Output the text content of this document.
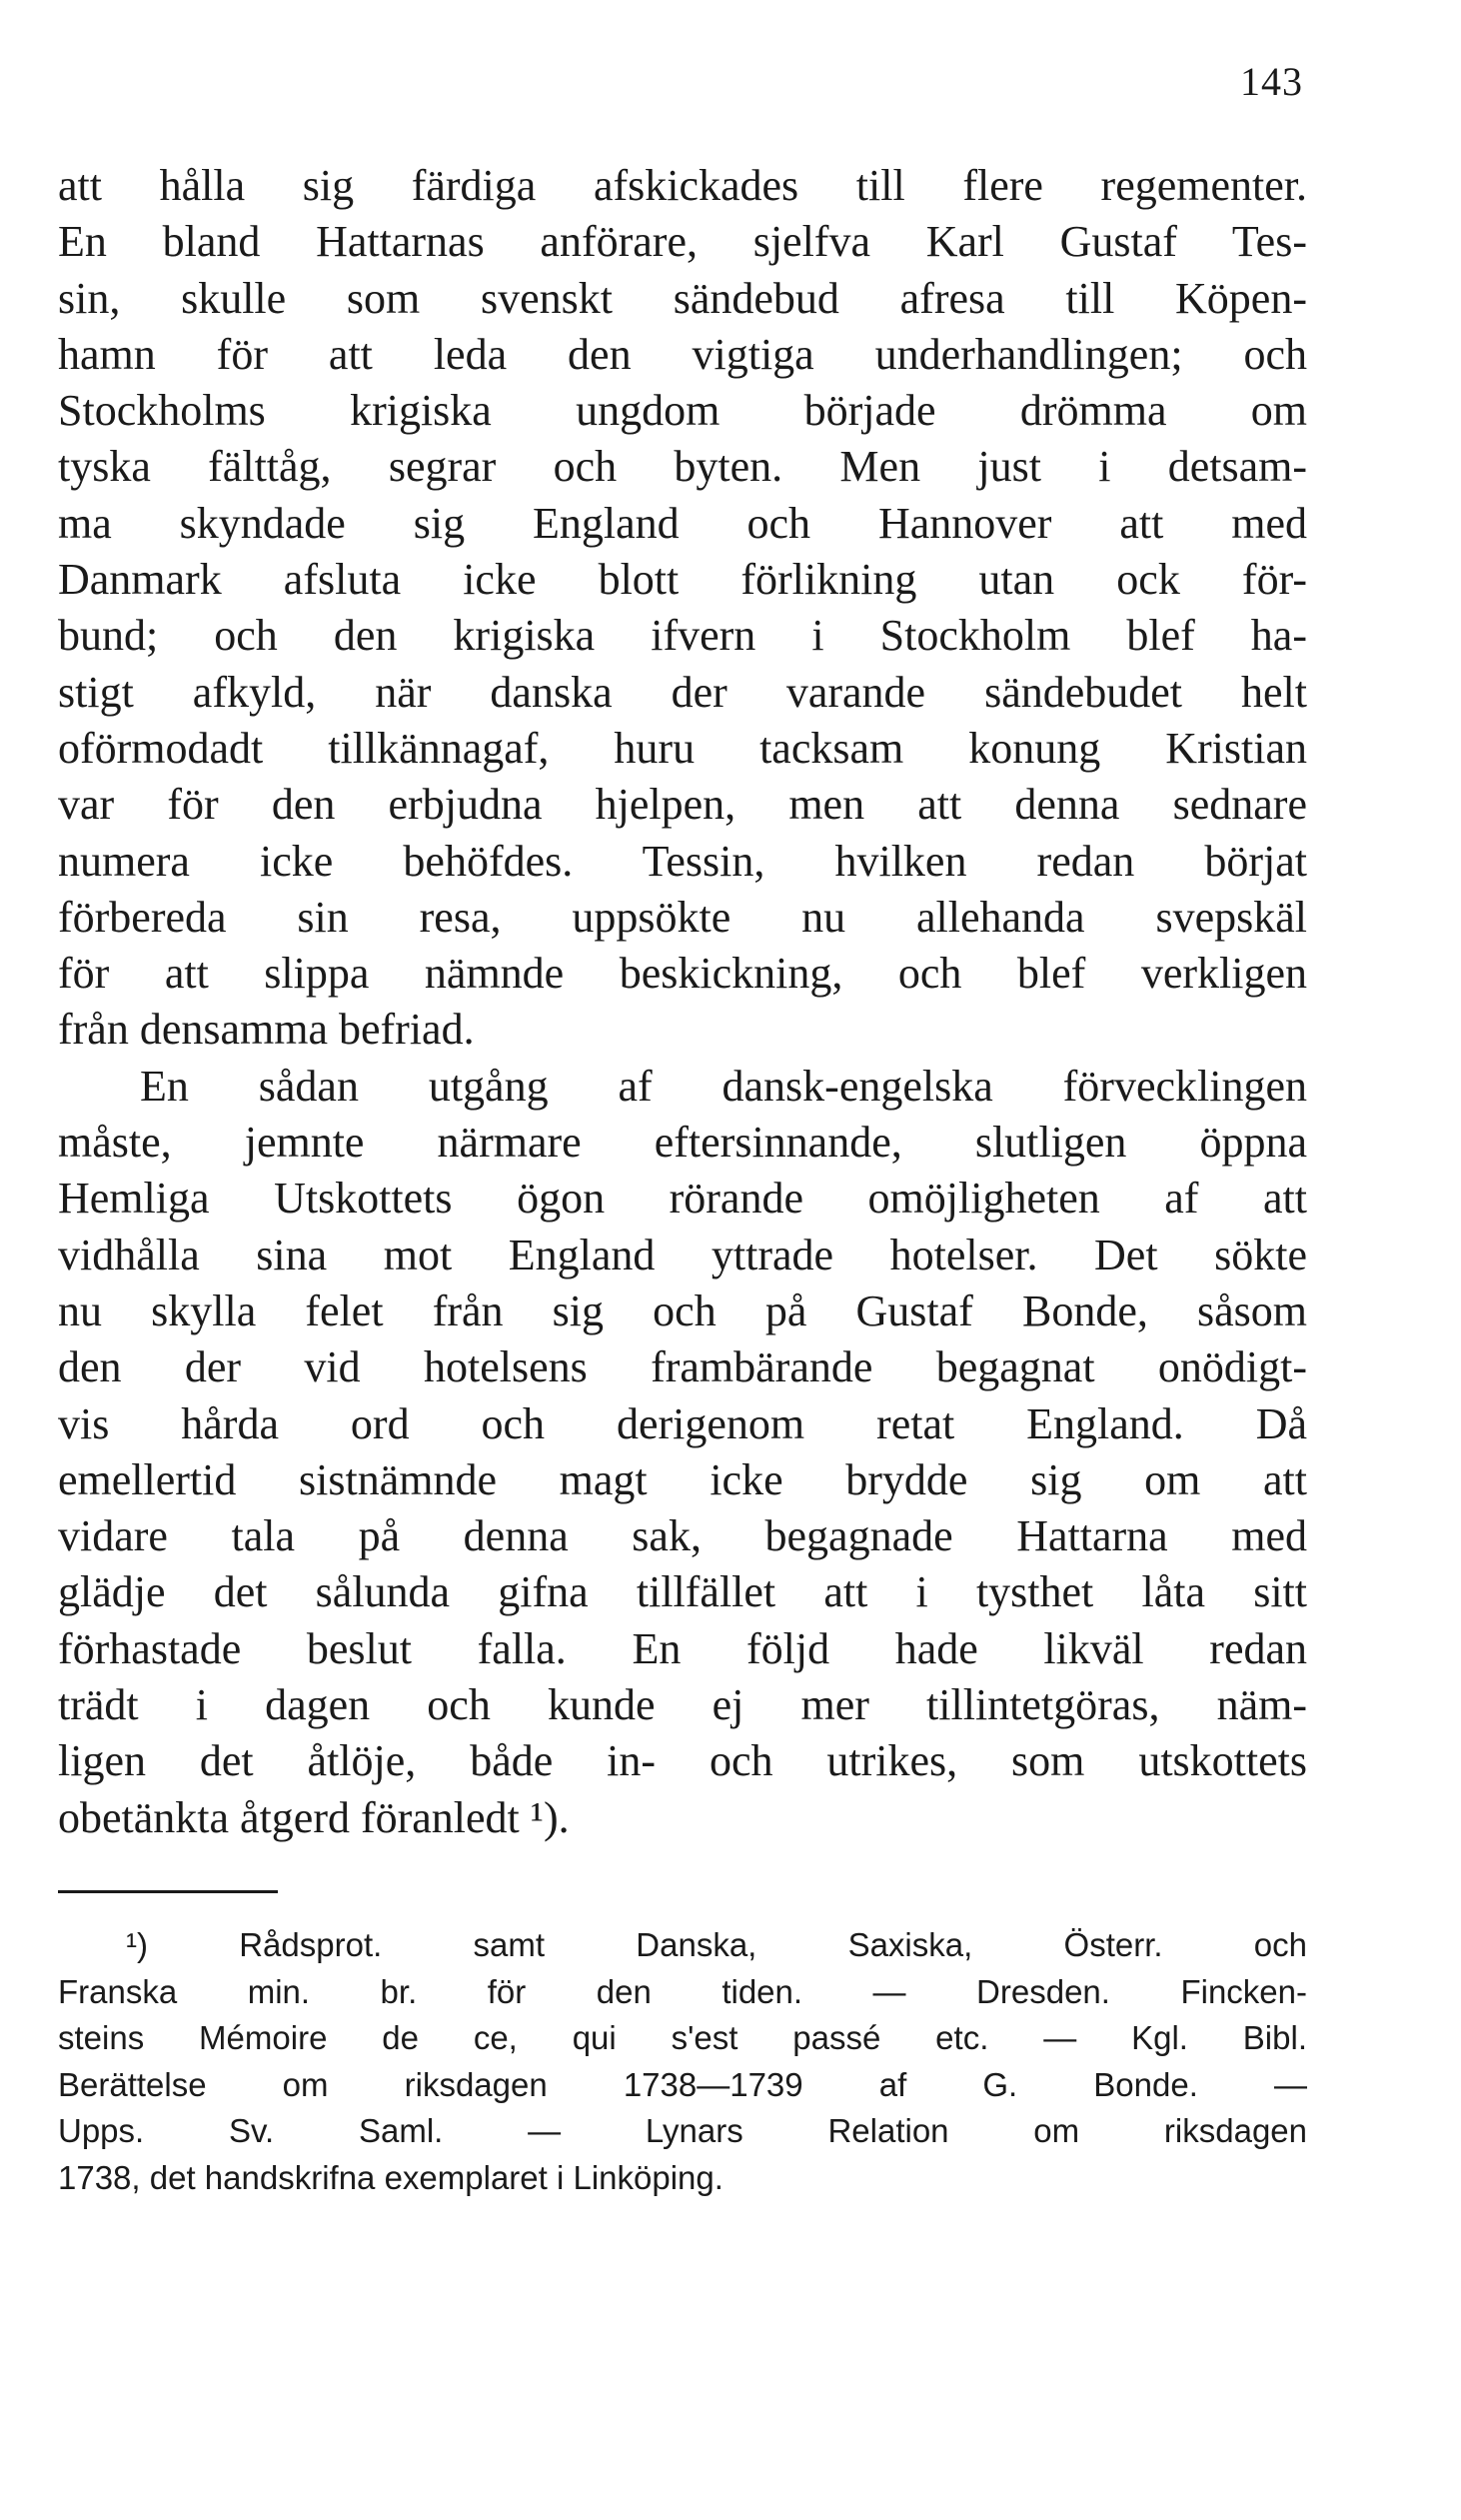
143
att hålla sig färdiga afskickades till flere regementer.
En bland Hattarnas anförare, sjelfva Karl Gustaf Tes-
sin, skulle som svenskt sändebud afresa till Köpen-
hamn för att leda den vigtiga underhandlingen; och
Stockholms krigiska ungdom började drömma om
tyska fälttåg, segrar och byten. Men just i detsam-
ma skyndade sig England och Hannover att med
Danmark afsluta icke blott förlikning utan ock för-
bund; och den krigiska ifvern i Stockholm blef ha-
stigt afkyld, när danska der varande sändebudet helt
oförmodadt tillkännagaf, huru tacksam konung Kristian
var för den erbjudna hjelpen, men att denna sednare
numera icke behöfdes. Tessin, hvilken redan börjat
förbereda sin resa, uppsökte nu allehanda svepskäl
för att slippa nämnde beskickning, och blef verkligen
från densamma befriad.
En sådan utgång af dansk-engelska förvecklingen
måste, jemnte närmare eftersinnande, slutligen öppna
Hemliga Utskottets ögon rörande omöjligheten af att
vidhålla sina mot England yttrade hotelser. Det sökte
nu skylla felet från sig och på Gustaf Bonde, såsom
den der vid hotelsens frambärande begagnat onödigt-
vis hårda ord och derigenom retat England. Då
emellertid sistnämnde magt icke brydde sig om att
vidare tala på denna sak, begagnade Hattarna med
glädje det sålunda gifna tillfället att i tysthet låta sitt
förhastade beslut falla. En följd hade likväl redan
trädt i dagen och kunde ej mer tillintetgöras, näm-
ligen det åtlöje, både in- och utrikes, som utskottets
obetänkta åtgerd föranledt ¹).
¹) Rådsprot. samt Danska, Saxiska, Österr. och
Franska min. br. för den tiden. — Dresden. Fincken-
steins Mémoire de ce, qui s'est passé etc. — Kgl. Bibl.
Berättelse om riksdagen 1738—1739 af G. Bonde. —
Upps. Sv. Saml. — Lynars Relation om riksdagen
1738, det handskrifna exemplaret i Linköping.
